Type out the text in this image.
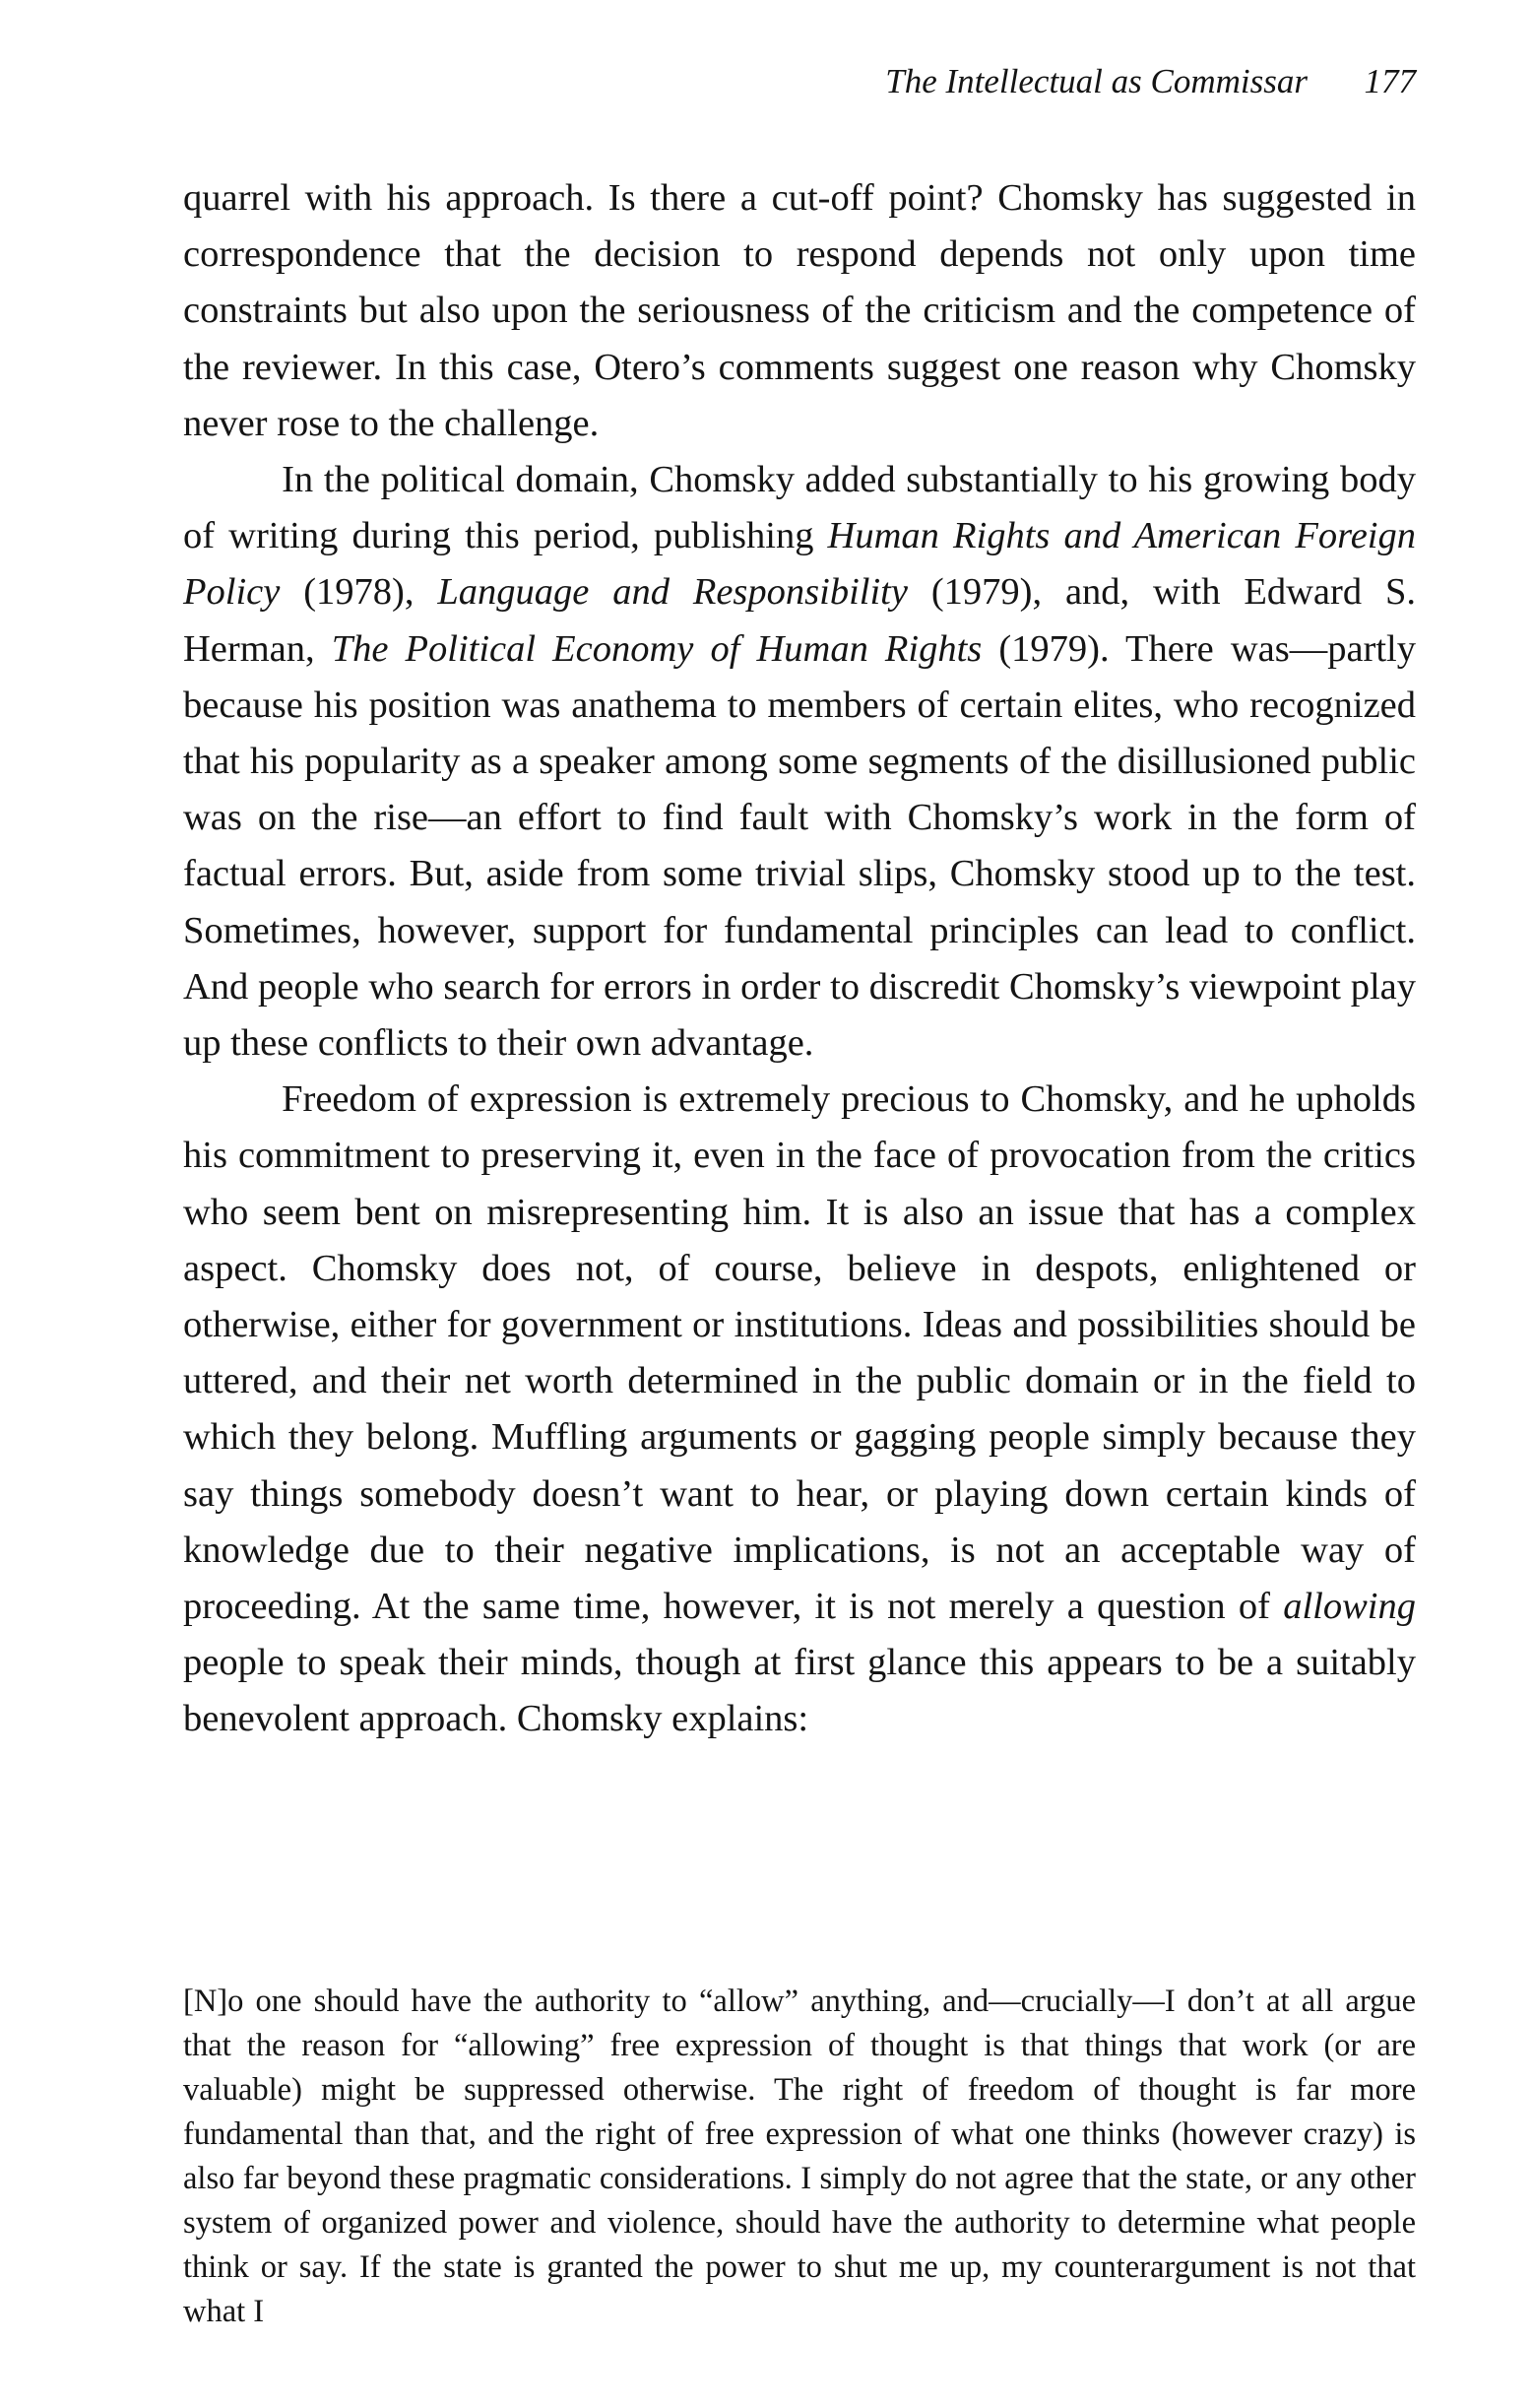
The Intellectual as Commissar 177

quarrel with his approach. Is there a cut-off point? Chomsky has suggested in correspondence that the decision to respond depends not only upon time constraints but also upon the seriousness of the criticism and the competence of the reviewer. In this case, Otero’s comments suggest one reason why Chomsky never rose to the challenge.

In the political domain, Chomsky added substantially to his growing body of writing during this period, publishing Human Rights and American Foreign Policy (1978), Language and Responsibility (1979), and, with Edward S. Herman, The Political Economy of Human Rights (1979). There was—partly because his position was anathema to members of certain elites, who recognized that his popularity as a speaker among some segments of the disillusioned public was on the rise—an effort to find fault with Chomsky’s work in the form of factual errors. But, aside from some trivial slips, Chomsky stood up to the test. Sometimes, however, support for fundamental principles can lead to conflict. And people who search for errors in order to discredit Chomsky’s viewpoint play up these conflicts to their own advantage.

Freedom of expression is extremely precious to Chomsky, and he upholds his commitment to preserving it, even in the face of provocation from the critics who seem bent on misrepresenting him. It is also an issue that has a complex aspect. Chomsky does not, of course, believe in despots, enlightened or otherwise, either for government or institutions. Ideas and possibilities should be uttered, and their net worth determined in the public domain or in the field to which they belong. Muffling arguments or gagging people simply because they say things somebody doesn’t want to hear, or playing down certain kinds of knowledge due to their negative implications, is not an acceptable way of proceeding. At the same time, however, it is not merely a question of allowing people to speak their minds, though at first glance this appears to be a suitably benevolent approach. Chomsky explains:

[N]o one should have the authority to “allow” anything, and—crucially—I don’t at all argue that the reason for “allowing” free expression of thought is that things that work (or are valuable) might be suppressed otherwise. The right of freedom of thought is far more fundamental than that, and the right of free expression of what one thinks (however crazy) is also far beyond these pragmatic considerations. I simply do not agree that the state, or any other system of organized power and violence, should have the authority to determine what people think or say. If the state is granted the power to shut me up, my counterargument is not that what I
